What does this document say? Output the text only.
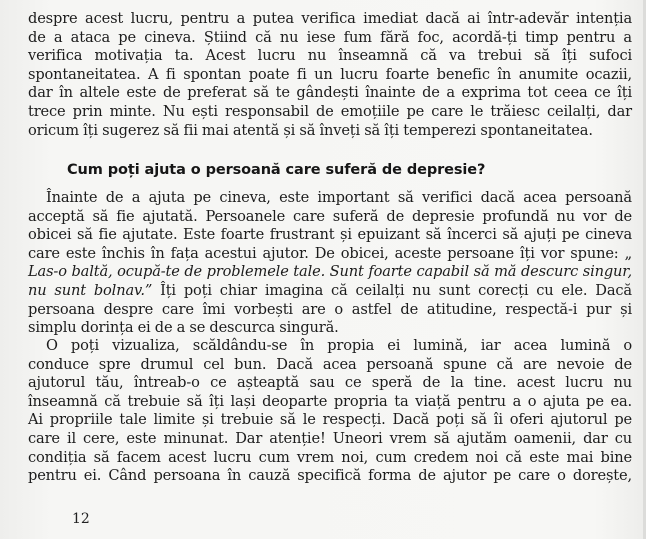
despre acest lucru, pentru a putea verifica imediat dacă ai într-adevăr intenția
de a ataca pe cineva. Știind că nu iese fum fără foc, acordă-ți timp pentru a
verifica motivația ta. Acest lucru nu înseamnă că va trebui să îți sufoci
spontaneitatea. A fi spontan poate fi un lucru foarte benefic în anumite ocazii,
dar în altele este de preferat să te gândești înainte de a exprima tot ceea ce îți
trece prin minte. Nu ești responsabil de emoțiile pe care le trăiesc ceilalți, dar
oricum îți sugerez să fii mai atentă și să înveți să îți temperezi spontaneitatea.
Cum poți ajuta o persoană care suferă de depresie?
Înainte de a ajuta pe cineva, este important să verifici dacă acea persoană
acceptă să fie ajutată. Persoanele care suferă de depresie profundă nu vor de
obicei să fie ajutate. Este foarte frustrant și epuizant să încerci să ajuți pe cineva
care este închis în fața acestui ajutor. De obicei, aceste persoane îți vor spune: „
Las-o baltă, ocupă-te de problemele tale. Sunt foarte capabil să mă descurc singur,
nu sunt bolnav.” Îți poți chiar imagina că ceilalți nu sunt corecți cu ele. Dacă
persoana despre care îmi vorbești are o astfel de atitudine, respectă-i pur și
simplu dorința ei de a se descurca singură.
O poți vizualiza, scăldându-se în propia ei lumină, iar acea lumină o
conduce spre drumul cel bun. Dacă acea persoană spune că are nevoie de
ajutorul tău, întreab-o ce așteaptă sau ce speră de la tine. acest lucru nu
înseamnă că trebuie să îți lași deoparte propria ta viață pentru a o ajuta pe ea.
Ai propriile tale limite și trebuie să le respecți. Dacă poți să îi oferi ajutorul pe
care il cere, este minunat. Dar atenție! Uneori vrem să ajutăm oamenii, dar cu
condiția să facem acest lucru cum vrem noi, cum credem noi că este mai bine
pentru ei. Când persoana în cauză specifică forma de ajutor pe care o dorește,
12
